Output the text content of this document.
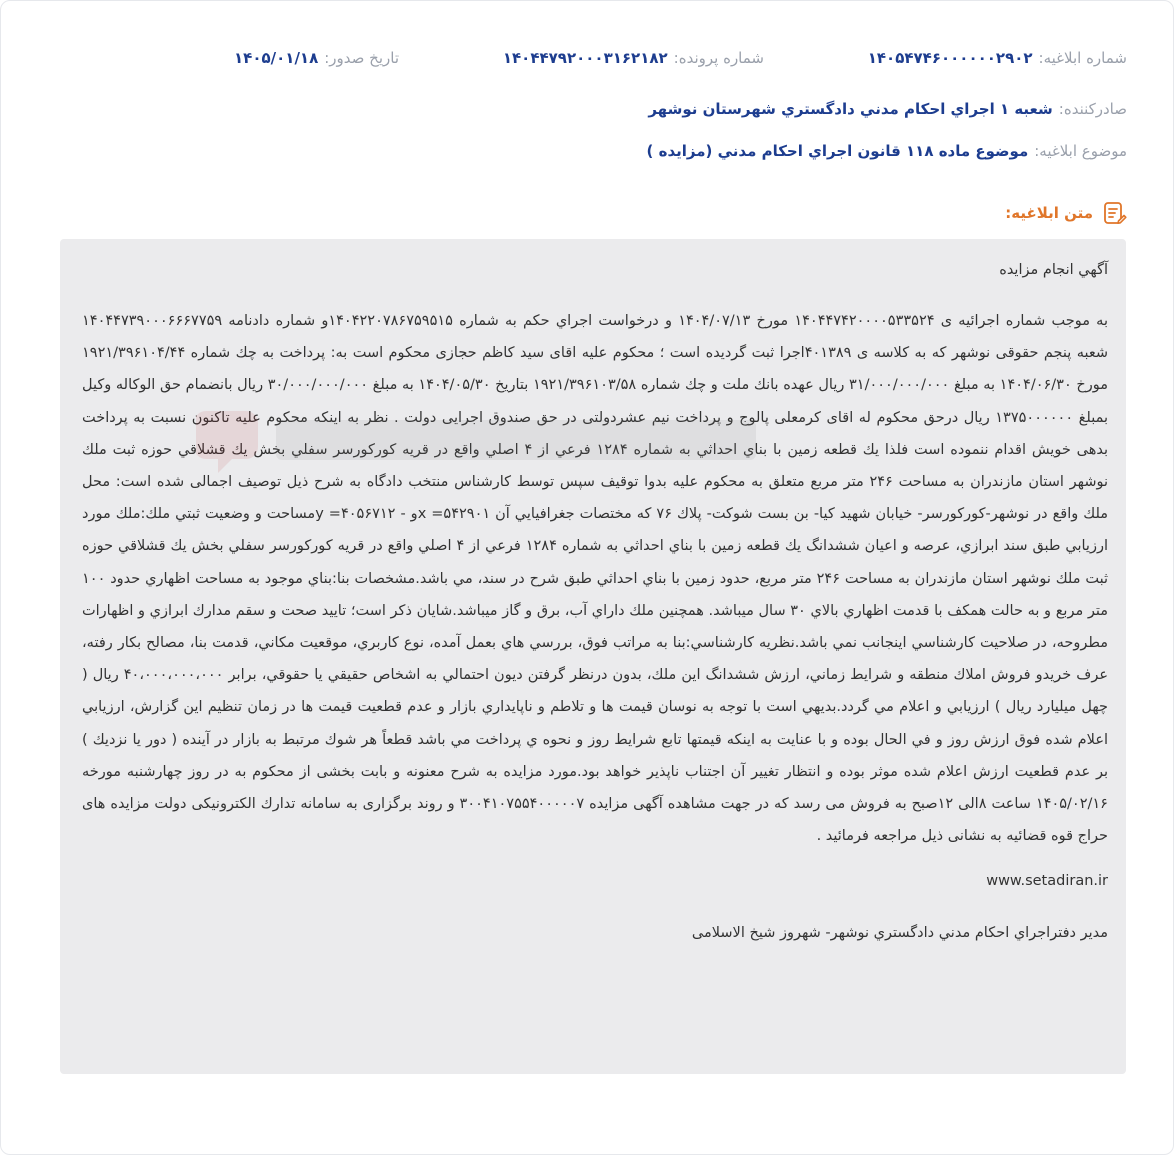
شماره ابلاغيه:
۱۴۰۵۴۷۴۶۰۰۰۰۰۰۲۹۰۲
شماره پرونده:
۱۴۰۴۴۷۹۲۰۰۰۳۱۶۲۱۸۲
تاريخ صدور:
۱۴۰۵/۰۱/۱۸
صادرکننده:
شعبه ۱ اجراي احكام مدني دادگستري شهرستان نوشهر
موضوع ابلاغيه:
موضوع ماده ۱۱۸ قانون اجراي احكام مدني (مزايده )
متن ابلاغيه:

آگهي انجام مزايده

به موجب شماره اجرائيه ی ۱۴۰۴۴۷۴۲۰۰۰۰۵۳۳۵۲۴ مورخ ۱۴۰۴/۰۷/۱۳ و درخواست اجراي حكم به شماره ۱۴۰۴۲۲۰۷۸۶۷۵۹۵۱۵و شماره دادنامه ۱۴۰۴۴۷۳۹۰۰۰۶۶۶۷۷۵۹ شعبه پنجم حقوقی نوشهر كه به كلاسه ی ۴۰۱۳۸۹اجرا ثبت گرديده است ؛ محكوم عليه اقای سید کاظم حجازی محکوم است به: پرداخت به چك شماره ۱۹۲۱/۳۹۶۱۰۴/۴۴ مورخ ۱۴۰۴/۰۶/۳۰ به مبلغ ۳۱/۰۰۰/۰۰۰/۰۰۰ ريال عهده بانك ملت و چك شماره ۱۹۲۱/۳۹۶۱۰۳/۵۸ بتاريخ ۱۴۰۴/۰۵/۳۰ به مبلغ ۳۰/۰۰۰/۰۰۰/۰۰۰ ريال بانضمام حق الوكاله وكيل بمبلغ ۱۳۷۵۰۰۰۰۰۰ ريال درحق محكوم له اقای کرمعلی پالوج و پرداخت نيم عشردولتی در حق صندوق اجرايی دولت . نظر به اينكه محكوم عليه تاكنون نسبت به پرداخت بدهی خويش اقدام ننموده است فلذا يك قطعه زمين با بناي احداثي به شماره ۱۲۸۴ فرعي از ۴ اصلي واقع در قريه كوركورسر سفلي بخش يك قشلاقي حوزه ثبت ملك نوشهر استان مازندران به مساحت ۲۴۶ متر مربع متعلق به محكوم عليه بدوا توقيف سپس توسط كارشناس منتخب دادگاه به شرح ذيل توصيف اجمالی شده است: محل ملك واقع در نوشهر-كوركورسر- خيابان شهيد كيا- بن بست شوكت- پلاك ۷۶ كه مختصات جغرافيايي آن ۵۴۲۹۰۱= xو - ۴۰۵۶۷۱۲= y‌مساحت و وضعيت ثبتي ملك:ملك مورد ارزيابي طبق سند ابرازي، عرصه و اعيان ششدانگ يك قطعه زمين با بناي احداثي به شماره ۱۲۸۴ فرعي از ۴ اصلي واقع در قريه كوركورسر سفلي بخش يك قشلاقي حوزه ثبت ملك نوشهر استان مازندران به مساحت ۲۴۶ متر مربع، حدود زمين با بناي احداثي طبق شرح در سند، مي باشد.مشخصات بنا:بناي موجود به مساحت اظهاري حدود ۱۰۰ متر مربع و به حالت همكف با قدمت اظهاري بالاي ۳۰ سال ميباشد. همچنين ملك داراي آب، برق و گاز ميباشد.شايان ذكر است؛ تاييد صحت و سقم مدارك ابرازي و اظهارات مطروحه، در صلاحيت كارشناسي اينجانب نمي باشد.نظريه كارشناسي:بنا به مراتب فوق، بررسي هاي بعمل آمده، نوع كاربري، موقعيت مكاني، قدمت بنا، مصالح بكار رفته، عرف خريدو فروش املاك منطقه و شرايط زماني، ارزش ششدانگ اين ملك، بدون درنظر گرفتن ديون احتمالي به اشخاص حقيقي يا حقوقي، برابر ۴۰،۰۰۰،۰۰۰،۰۰۰ ريال ( چهل ميليارد ريال ) ارزيابي و اعلام مي گردد.بديهي است با توجه به نوسان قيمت ها و تلاطم و ناپايداري بازار و عدم قطعيت قيمت ها در زمان تنظيم اين گزارش، ارزيابي اعلام شده فوق ارزش روز و في الحال بوده و با عنايت به اينكه قيمتها تابع شرايط روز و نحوه ي پرداخت مي باشد قطعاً هر شوك مرتبط به بازار در آينده ( دور يا نزديك ) بر عدم قطعيت ارزش اعلام شده موثر بوده و انتظار تغيير آن اجتناب ناپذير خواهد بود.مورد مزايده به شرح معنونه و بابت بخشی از محکوم به در روز چهارشنبه مورخه ۱۴۰۵/۰۲/۱۶ ساعت ۸الی ۱۲صبح به فروش می رسد كه در جهت مشاهده آگهی مزايده ۳۰۰۴۱۰۷۵۵۴۰۰۰۰۰۷ و روند برگزاری به سامانه تدارك الكترونيكی دولت مزايده های حراج قوه قضائيه به نشانی ذيل مراجعه فرمائيد .

www.setadiran.ir
مدير دفتراجراي احكام مدني دادگستري نوشهر- شهروز شيخ الاسلامی
